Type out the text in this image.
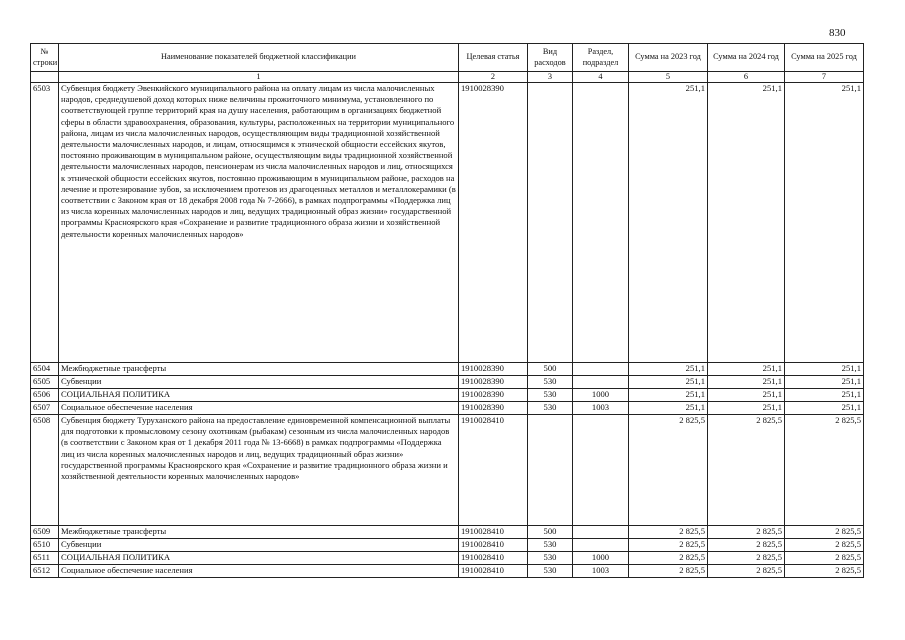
830
№ строки	Наименование показателей бюджетной классификации	Целевая статья	Вид расходов	Раздел, подраздел	Сумма на 2023 год	Сумма на 2024 год	Сумма на 2025 год
	1	2	3	4	5	6	7
6503	Субвенция бюджету Эвенкийского муниципального района на оплату лицам из числа малочисленных народов, среднедушевой доход которых ниже величины прожиточного минимума, установленного по соответствующей группе территорий края на душу населения, работающим в организациях бюджетной сферы в области здравоохранения, образования, культуры, расположенных на территории муниципального района, лицам из числа малочисленных народов, осуществляющим виды традиционной хозяйственной деятельности малочисленных народов, и лицам, относящимся к этнической общности ессейских якутов, постоянно проживающим в муниципальном районе, осуществляющим виды традиционной хозяйственной деятельности малочисленных народов, пенсионерам из числа малочисленных народов и лиц, относящихся к этнической общности ессейских якутов, постоянно проживающим в муниципальном районе, расходов на лечение и протезирование зубов, за исключением протезов из драгоценных металлов и металлокерамики (в соответствии с Законом края от 18 декабря 2008 года № 7-2666), в рамках подпрограммы «Поддержка лиц из числа коренных малочисленных народов и лиц, ведущих традиционный образ жизни» государственной программы Красноярского края «Сохранение и развитие традиционного образа жизни и хозяйственной деятельности коренных малочисленных народов»	1910028390			251,1	251,1	251,1
6504	Межбюджетные трансферты	1910028390	500		251,1	251,1	251,1
6505	Субвенции	1910028390	530		251,1	251,1	251,1
6506	СОЦИАЛЬНАЯ ПОЛИТИКА	1910028390	530	1000	251,1	251,1	251,1
6507	Социальное обеспечение населения	1910028390	530	1003	251,1	251,1	251,1
6508	Субвенция бюджету Туруханского района на предоставление единовременной компенсационной выплаты для подготовки к промысловому сезону охотникам (рыбакам) сезонным из числа малочисленных народов (в соответствии с Законом края от 1 декабря 2011 года № 13-6668) в рамках подпрограммы «Поддержка лиц из числа коренных малочисленных народов и лиц, ведущих традиционный образ жизни» государственной программы Красноярского края «Сохранение и развитие традиционного образа жизни и хозяйственной деятельности коренных малочисленных народов»	1910028410			2 825,5	2 825,5	2 825,5
6509	Межбюджетные трансферты	1910028410	500		2 825,5	2 825,5	2 825,5
6510	Субвенции	1910028410	530		2 825,5	2 825,5	2 825,5
6511	СОЦИАЛЬНАЯ ПОЛИТИКА	1910028410	530	1000	2 825,5	2 825,5	2 825,5
6512	Социальное обеспечение населения	1910028410	530	1003	2 825,5	2 825,5	2 825,5
